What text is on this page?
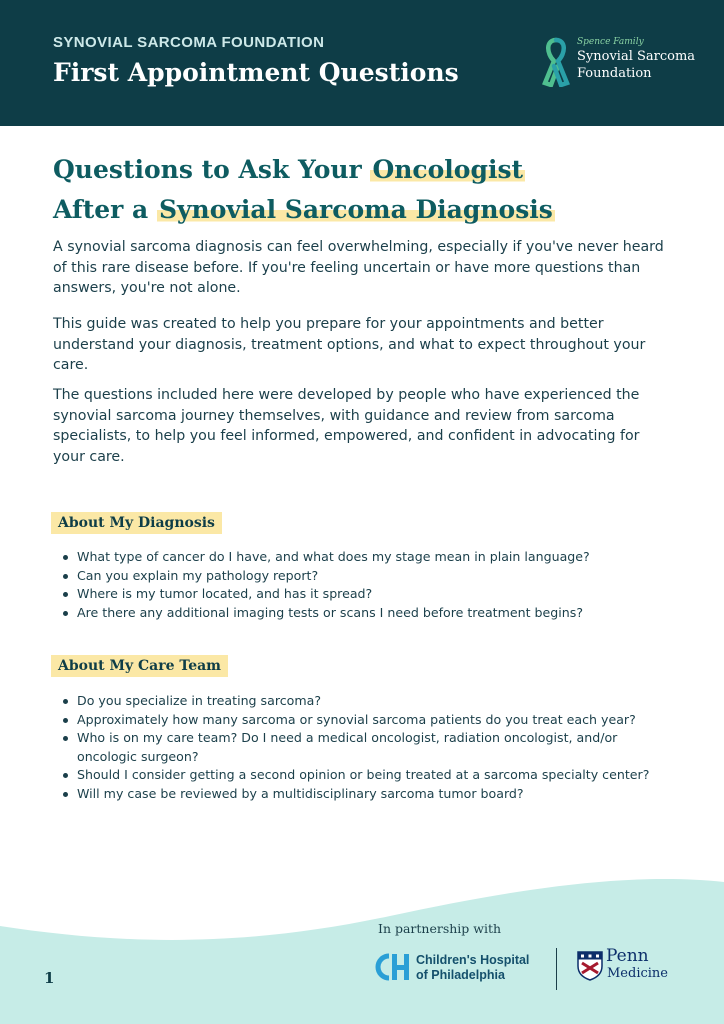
SYNOVIAL SARCOMA FOUNDATION
First Appointment Questions
Spence Family
Synovial Sarcoma
Foundation
Questions to Ask Your Oncologist
After a Synovial Sarcoma Diagnosis

A synovial sarcoma diagnosis can feel overwhelming, especially if you've never heard of this rare disease before. If you're feeling uncertain or have more questions than answers, you're not alone.

This guide was created to help you prepare for your appointments and better understand your diagnosis, treatment options, and what to expect throughout your care.

The questions included here were developed by people who have experienced the synovial sarcoma journey themselves, with guidance and review from sarcoma specialists, to help you feel informed, empowered, and confident in advocating for your care.

About My Diagnosis
What type of cancer do I have, and what does my stage mean in plain language?
Can you explain my pathology report?
Where is my tumor located, and has it spread?
Are there any additional imaging tests or scans I need before treatment begins?
About My Care Team
Do you specialize in treating sarcoma?
Approximately how many sarcoma or synovial sarcoma patients do you treat each year?
Who is on my care team? Do I need a medical oncologist, radiation oncologist, and/or oncologic surgeon?
Should I consider getting a second opinion or being treated at a sarcoma specialty center?
Will my case be reviewed by a multidisciplinary sarcoma tumor board?
In partnership with
1
Children's Hospital
of Philadelphia
Penn
Medicine
